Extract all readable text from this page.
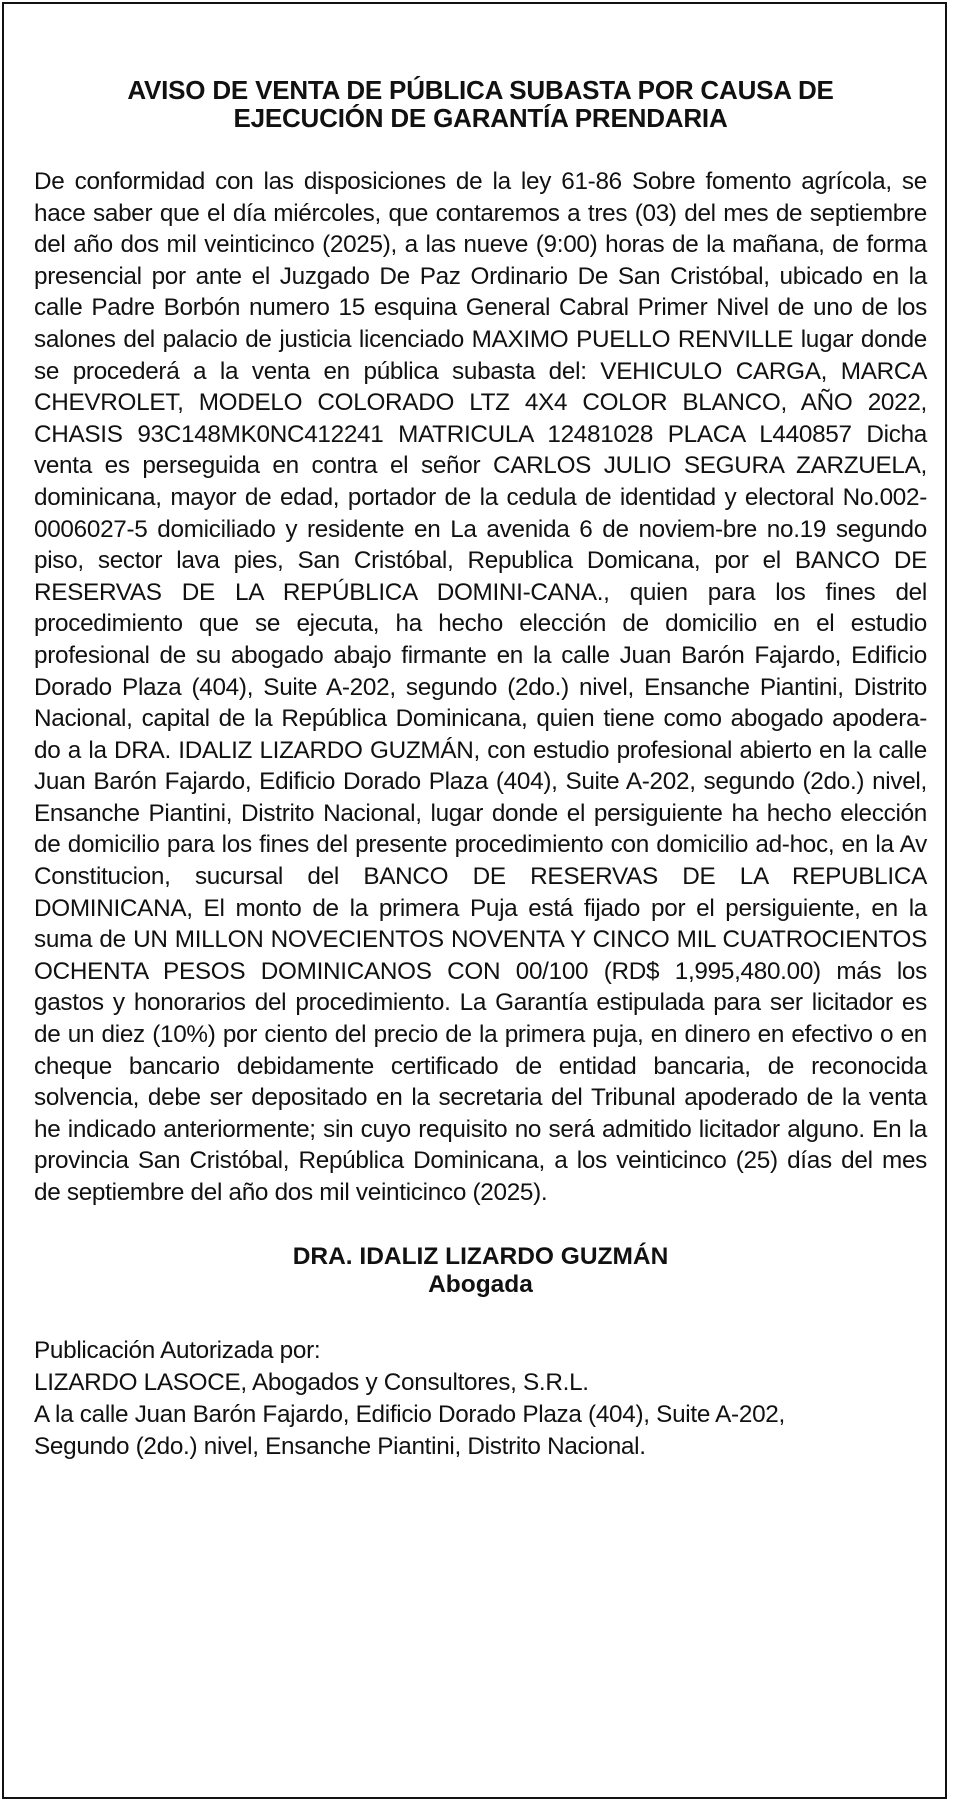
AVISO DE VENTA DE PÚBLICA SUBASTA POR CAUSA DE
EJECUCIÓN DE GARANTÍA PRENDARIA

De conformidad con las disposiciones de la ley 61-86 Sobre fomento agrícola, se hace saber que el día miércoles, que contaremos a tres (03) del mes de septiembre del año dos mil veinticinco (2025), a las nueve (9:00) horas de la mañana, de forma presencial por ante el Juzgado De Paz Ordinario De San Cristóbal, ubicado en la calle Padre Borbón numero 15 esquina General Cabral Primer Nivel de uno de los salones del palacio de justicia licenciado MAXIMO PUELLO RENVILLE lugar donde se procederá a la venta en pública subasta del: VEHICULO CARGA, MARCA CHEVROLET, MODELO COLORADO LTZ 4X4 COLOR BLANCO, AÑO 2022, CHASIS 93C148MK0NC412241 MATRICULA 12481028 PLACA L440857 Dicha venta es perseguida en contra el señor CARLOS JULIO SEGURA ZARZUELA, dominicana, mayor de edad, portador de la cedula de identidad y electoral No.002-0006027-5 domiciliado y residente en La avenida 6 de noviem-bre no.19 segundo piso, sector lava pies, San Cristóbal, Republica Domicana, por el BANCO DE RESERVAS DE LA REPÚBLICA DOMINI-CANA., quien para los fines del procedimiento que se ejecuta, ha hecho elección de domicilio en el estudio profesional de su abogado abajo firmante en la calle Juan Barón Fajardo, Edificio Dorado Plaza (404), Suite A-202, segundo (2do.) nivel, Ensanche Piantini, Distrito Nacional, capital de la República Dominicana, quien tiene como abogado apodera-do a la DRA. IDALIZ LIZARDO GUZMÁN, con estudio profesional abierto en la calle Juan Barón Fajardo, Edificio Dorado Plaza (404), Suite A-202, segundo (2do.) nivel, Ensanche Piantini, Distrito Nacional, lugar donde el persiguiente ha hecho elección de domicilio para los fines del presente procedimiento con domicilio ad-hoc, en la Av Constitucion, sucursal del BANCO DE RESERVAS DE LA REPUBLICA DOMINICANA, El monto de la primera Puja está fijado por el persiguiente, en la suma de UN MILLON NOVECIENTOS NOVENTA Y CINCO MIL CUATROCIENTOS OCHENTA PESOS DOMINICANOS CON 00/100 (RD$ 1,995,480.00) más los gastos y honorarios del procedimiento. La Garantía estipulada para ser licitador es de un diez (10%) por ciento del precio de la primera puja, en dinero en efectivo o en cheque bancario debidamente certificado de entidad bancaria, de reconocida solvencia, debe ser depositado en la secretaria del Tribunal apoderado de la venta he indicado anteriormente; sin cuyo requisito no será admitido licitador alguno. En la provincia San Cristóbal, República Dominicana, a los veinticinco (25) días del mes de septiembre del año dos mil veinticinco (2025).

DRA. IDALIZ LIZARDO GUZMÁN
Abogada
Publicación Autorizada por:
LIZARDO LASOCE, Abogados y Consultores, S.R.L.
A la calle Juan Barón Fajardo, Edificio Dorado Plaza (404), Suite A-202,
Segundo (2do.) nivel, Ensanche Piantini, Distrito Nacional.
